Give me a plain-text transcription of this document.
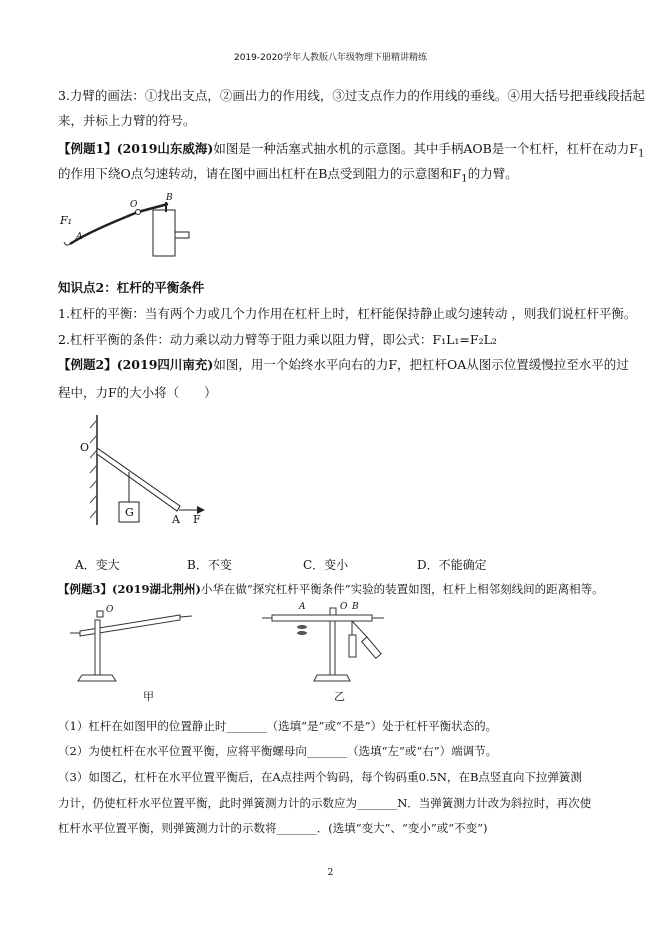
2019-2020学年人教版八年级物理下册精讲精练
3.力臂的画法：①找出支点，②画出力的作用线，③过支点作力的作用线的垂线。④用大括号把垂线段括起
来，并标上力臂的符号。
【例题1】(2019山东威海)如图是一种活塞式抽水机的示意图。其中手柄AOB是一个杠杆，杠杆在动力$F_1$
的作用下绕O点匀速转动，请在图中画出杠杆在B点受到阻力的示意图和$F_1$的力臂。
F₁
A
O
B
知识点2：杠杆的平衡条件
1.杠杆的平衡：当有两个力或几个力作用在杠杆上时，杠杆能保持静止或匀速转动 ，则我们说杠杆平衡。
2.杠杆平衡的条件：动力乘以动力臂等于阻力乘以阻力臂，即公式：F₁L₁=F₂L₂
【例题2】(2019四川南充)如图，用一个始终水平向右的力F，把杠杆OA从图示位置缓慢拉至水平的过
程中，力F的大小将（　　）
O
G
A F
A．变大	B．不变	C．变小	D．不能确定
【例题3】(2019湖北荆州)小华在做“探究杠杆平衡条件”实验的装置如图，杠杆上相邻刻线间的距离相等。
O
甲
A	O B
乙
（1）杠杆在如图甲的位置静止时_______（选填“是”或“不是”）处于杠杆平衡状态的。
（2）为使杠杆在水平位置平衡，应将平衡螺母向_______（选填“左”或“右”）端调节。
（3）如图乙，杠杆在水平位置平衡后，在A点挂两个钩码，每个钩码重0.5N，在B点竖直向下拉弹簧测
力计，仍使杠杆水平位置平衡，此时弹簧测力计的示数应为_______N．当弹簧测力计改为斜拉时，再次使
杠杆水平位置平衡，则弹簧测力计的示数将_______．(选填“变大”、“变小”或“不变”)
2
